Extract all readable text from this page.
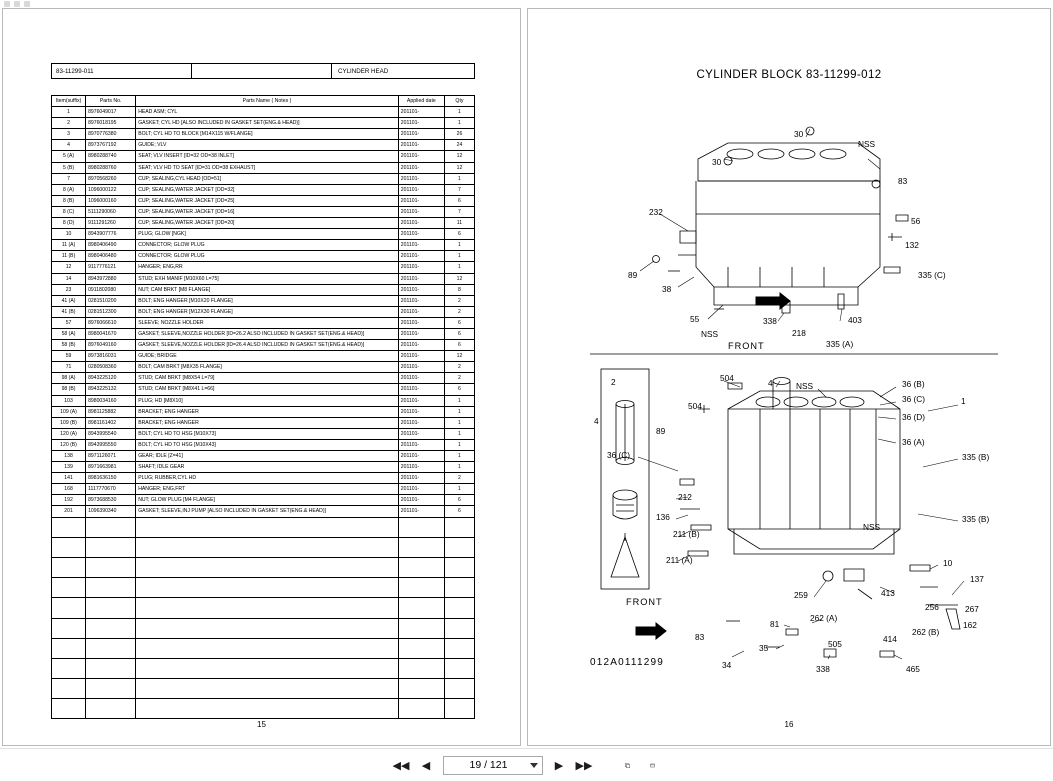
83-11299-011	CYLINDER HEAD
Item(suffix)	Parts No.	Parts Name ( Notes )	Applied date	Qty
1	8976049017	HEAD ASM; CYL	201101-	1
2	8976018195	GASKET; CYL HD [ALSO INCLUDED IN GASKET SET(ENG.& HEAD)]	201101-	1
3	8970776380	BOLT; CYL HD TO BLOCK [M14X115 W/FLANGE]	201101-	26
4	8973767192	GUIDE; VLV	201101-	24
5 (A)	8980288740	SEAT; VLV INSERT [ID=32 OD=38 INLET]	201101-	12
5 (B)	8980288760	SEAT; VLV HD TO SEAT [ID=31 OD=38 EXHAUST]	201101-	12
7	8970568260	CUP; SEALING,CYL HEAD [OD=51]	201101-	1
8 (A)	1096000122	CUP; SEALING,WATER JACKET [OD=32]	201101-	7
8 (B)	1096000160	CUP; SEALING,WATER JACKET [OD=25]	201101-	6
8 (C)	5111290060	CUP; SEALING,WATER JACKET [OD=16]	201101-	7
8 (D)	9111291260	CUP; SEALING,WATER JACKET [OD=20]	201101-	11
10	8943907776	PLUG; GLOW [NGK]	201101-	6
11 (A)	8980406490	CONNECTOR; GLOW PLUG	201101-	1
11 (B)	8980406480	CONNECTOR; GLOW PLUG	201101-	1
12	9117776121	HANGER; ENG,RR	201101-	1
14	8943972880	STUD; EXH MANIF [M10X60 L=75]	201101-	12
23	0911802080	NUT; CAM BRKT [M8 FLANGE]	201101-	8
41 (A)	0281510200	BOLT; ENG HANGER [M10X20 FLANGE]	201101-	2
41 (B)	0281512300	BOLT; ENG HANGER [M12X30 FLANGE]	201101-	2
57	8976066610	SLEEVE; NOZZLE HOLDER	201101-	6
58 (A)	8980041670	GASKET; SLEEVE,NOZZLE HOLDER [ID=26.2 ALSO INCLUDED IN GASKET SET(ENG.& HEAD)]	201101-	6
58 (B)	8976049160	GASKET; SLEEVE,NOZZLE HOLDER [ID=26.4 ALSO INCLUDED IN GASKET SET(ENG.& HEAD)]	201101-	6
59	8973816031	GUIDE; BRIDGE	201101-	12
71	0280508360	BOLT; CAM BRKT [M8X35 FLANGE]	201101-	2
98 (A)	8943225120	STUD; CAM BRKT [M8X54 L=79]	201101-	2
98 (B)	8943225132	STUD; CAM BRKT [M8X41 L=66]	201101-	6
103	8980034160	PLUG; HD [M8X10]	201101-	1
109 (A)	8981125882	BRACKET; ENG HANGER	201101-	1
109 (B)	8981161402	BRACKET; ENG HANGER	201101-	1
120 (A)	8943995540	BOLT; CYL HD TO HSG [M10X73]	201101-	1
120 (B)	8943995550	BOLT; CYL HD TO HSG [M10X43]	201101-	1
138	8971126071	GEAR; IDLE [Z=41]	201101-	1
139	8971663981	SHAFT; IDLE GEAR	201101-	1
141	8981636150	PLUG; RUBBER,CYL HD	201101-	2
168	1117770670	HANGER; ENG,FRT	201101-	1
192	8973688530	NUT; GLOW PLUG [M4 FLANGE]	201101-	6
201	1096390340	GASKET; SLEEVE,INJ PUMP [ALSO INCLUDED IN GASKET SET(ENG.& HEAD)]	201101-	6

15
CYLINDER BLOCK 83-11299-012
30
NSS
30
83
232
56
132
89
38
335 (C)
55	338	403
NSS	218
335 (A)
504
2	4	NSS	36 (B)
36 (C)	1
504
36 (D)
4
89
36 (A)
335 (B)
36 (C)
212
136	335 (B)
NSS
211 (B)
211 (A)	10
137
259	413
256	267
262 (A)
81
262 (B)
162
505	414
83
35
34	338	465
FRONT
FRONT
012A0111299
16
◀◀	◀	19 / 121	▶	▶▶
